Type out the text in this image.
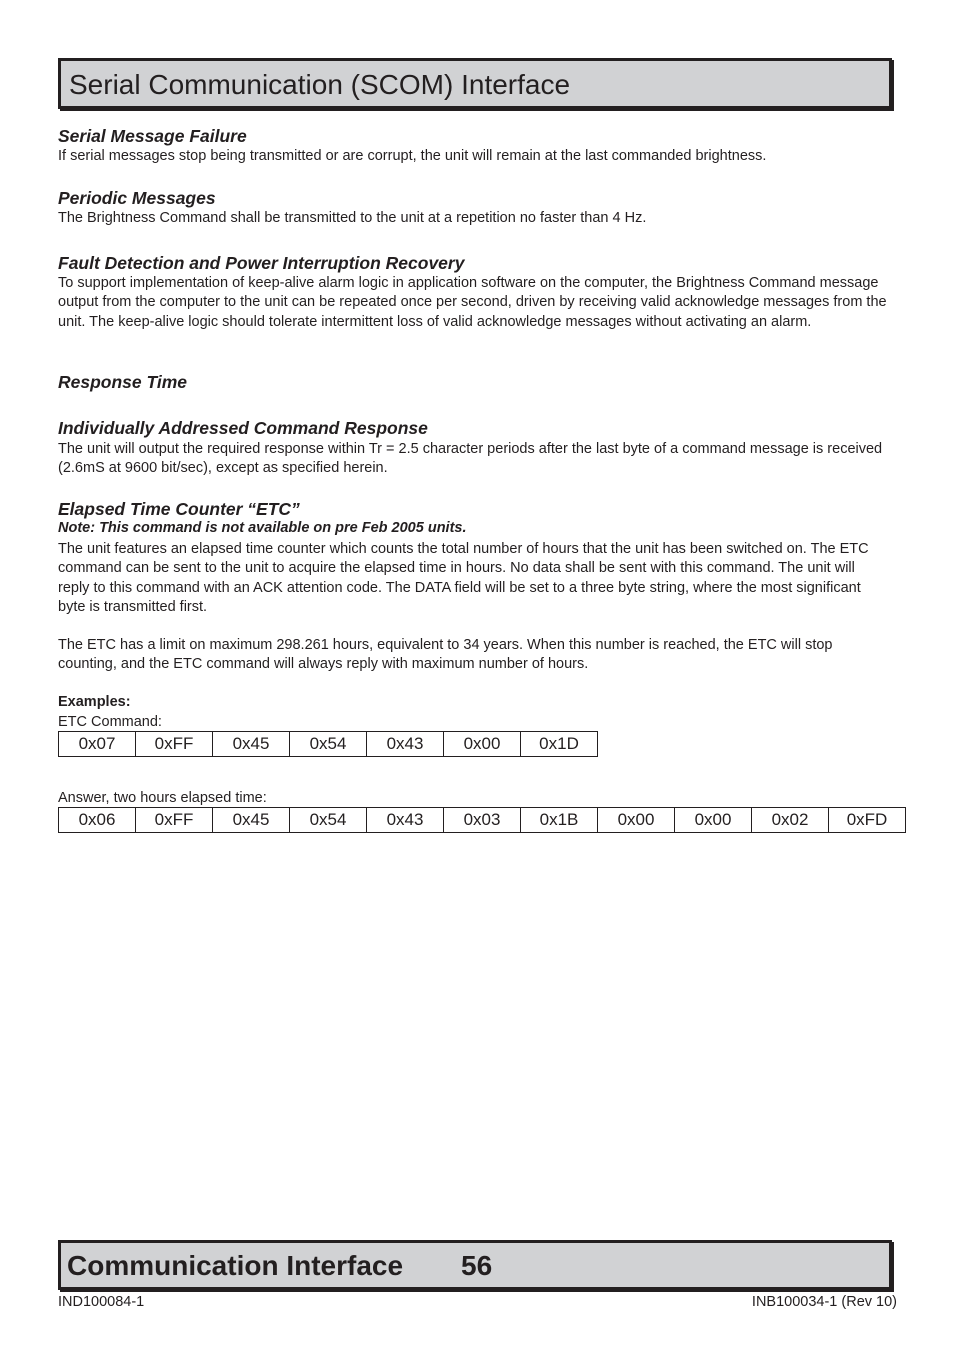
Serial Communication (SCOM) Interface
Serial Message Failure
If serial messages stop being transmitted or are corrupt, the unit will remain at the last commanded brightness.
Periodic Messages
The Brightness Command shall be transmitted to the unit at a repetition no faster than 4 Hz.
Fault Detection and Power Interruption Recovery
To support implementation of keep-alive alarm logic in application software on the computer, the Brightness Command message output from the computer to the unit can be repeated once per second, driven by receiving valid acknowledge messages from the unit. The keep-alive logic should tolerate intermittent loss of valid acknowledge messages without activating an alarm.
Response Time
Individually Addressed Command Response
The unit will output the required response within Tr = 2.5 character periods after the last byte of a command message is received (2.6mS at 9600 bit/sec), except as specified herein.
Elapsed Time Counter “ETC”
Note: This command is not available on pre Feb 2005 units.
The unit features an elapsed time counter which counts the total number of hours that the unit has been switched on. The ETC command can be sent to the unit to acquire the elapsed time in hours. No data shall be sent with this command. The unit will reply to this command with an ACK attention code. The DATA field will be set to a three byte string, where the most significant byte is transmitted first.
The ETC has a limit on maximum 298.261 hours, equivalent to 34 years. When this number is reached, the ETC will stop counting, and the ETC command will always reply with maximum number of hours.
Examples:
ETC Command:
0x07	0xFF	0x45	0x54	0x43	0x00	0x1D
Answer, two hours elapsed time:
0x06	0xFF	0x45	0x54	0x43	0x03	0x1B	0x00	0x00	0x02	0xFD
Communication Interface 56
IND100084-1	INB100034-1 (Rev 10)
